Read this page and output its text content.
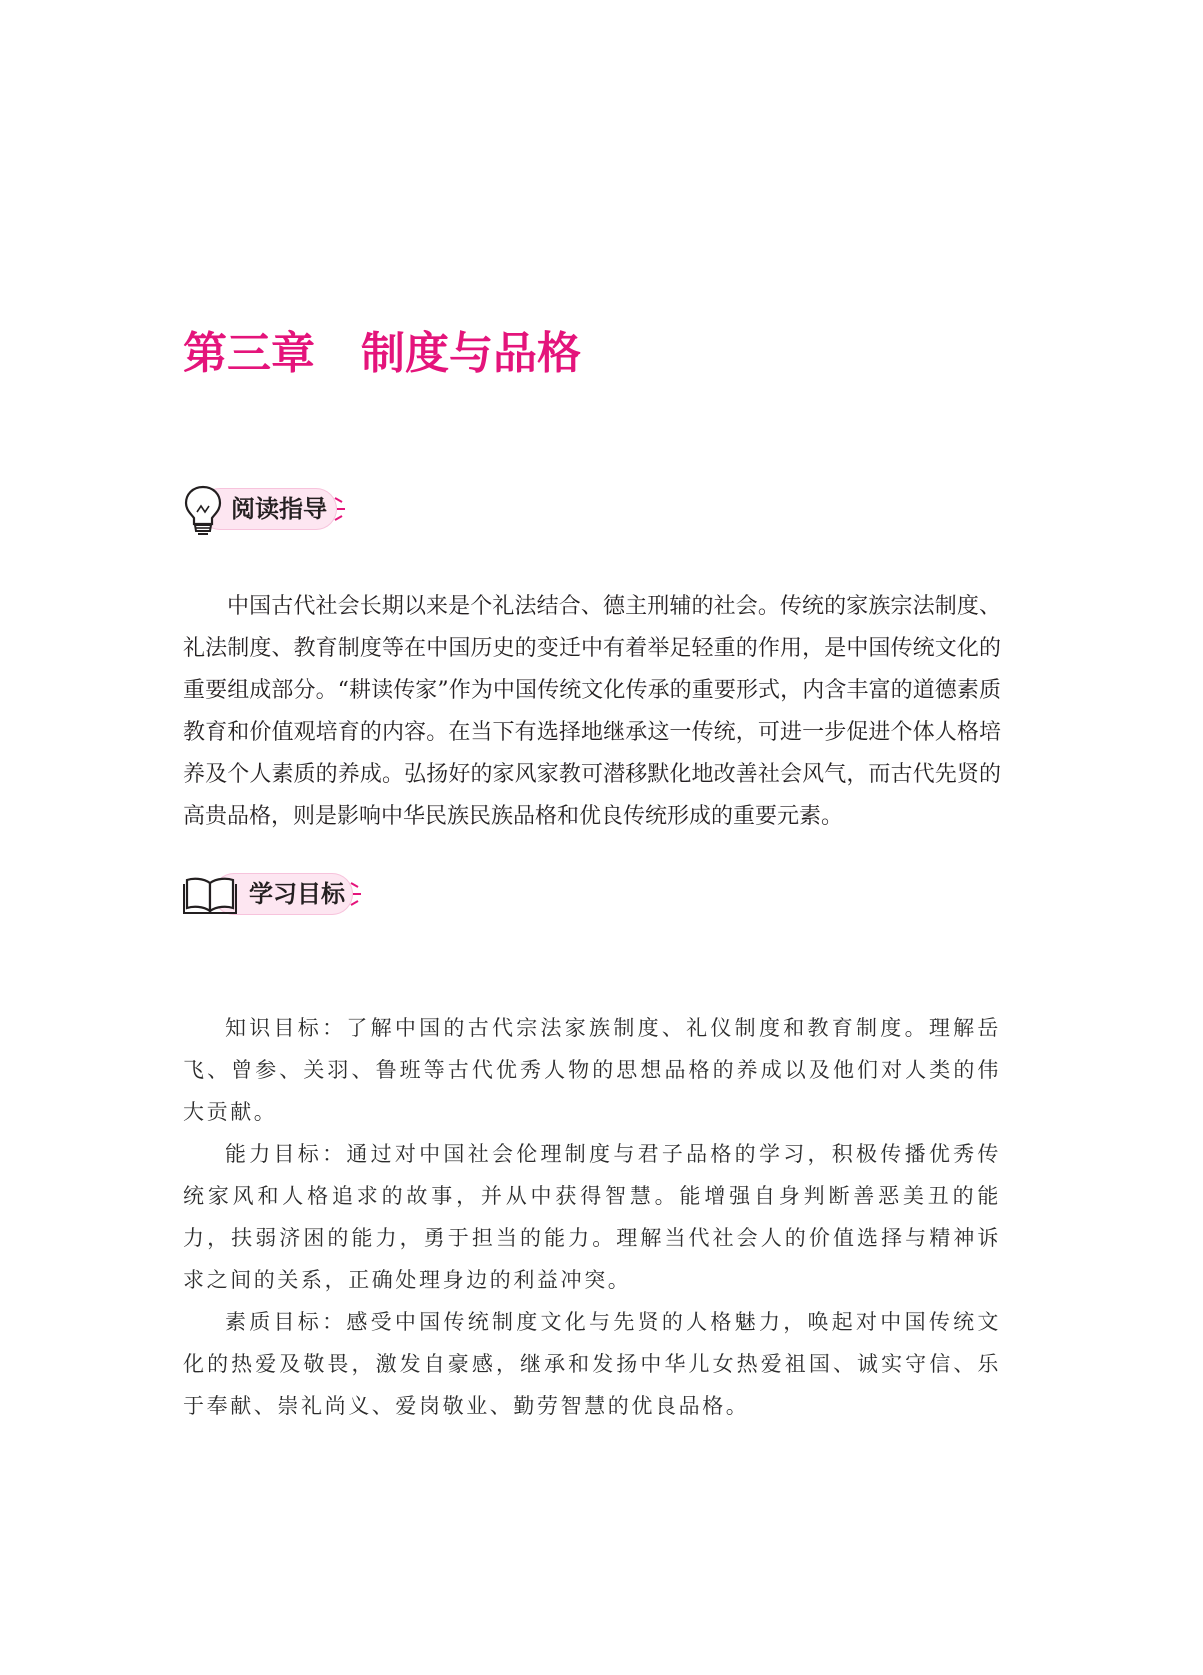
第三章 制度与品格
阅读指导

中国古代社会长期以来是个礼法结合、德主刑辅的社会。传统的家族宗法制度、礼法制度、教育制度等在中国历史的变迁中有着举足轻重的作用，是中国传统文化的重要组成部分。“耕读传家”作为中国传统文化传承的重要形式，内含丰富的道德素质教育和价值观培育的内容。在当下有选择地继承这一传统，可进一步促进个体人格培养及个人素质的养成。弘扬好的家风家教可潜移默化地改善社会风气，而古代先贤的高贵品格，则是影响中华民族民族品格和优良传统形成的重要元素。

学习目标

知识目标：了解中国的古代宗法家族制度、礼仪制度和教育制度。理解岳飞、曾参、关羽、鲁班等古代优秀人物的思想品格的养成以及他们对人类的伟大贡献。

能力目标：通过对中国社会伦理制度与君子品格的学习，积极传播优秀传统家风和人格追求的故事，并从中获得智慧。能增强自身判断善恶美丑的能力，扶弱济困的能力，勇于担当的能力。理解当代社会人的价值选择与精神诉求之间的关系，正确处理身边的利益冲突。

素质目标：感受中国传统制度文化与先贤的人格魅力，唤起对中国传统文化的热爱及敬畏，激发自豪感，继承和发扬中华儿女热爱祖国、诚实守信、乐于奉献、崇礼尚义、爱岗敬业、勤劳智慧的优良品格。
